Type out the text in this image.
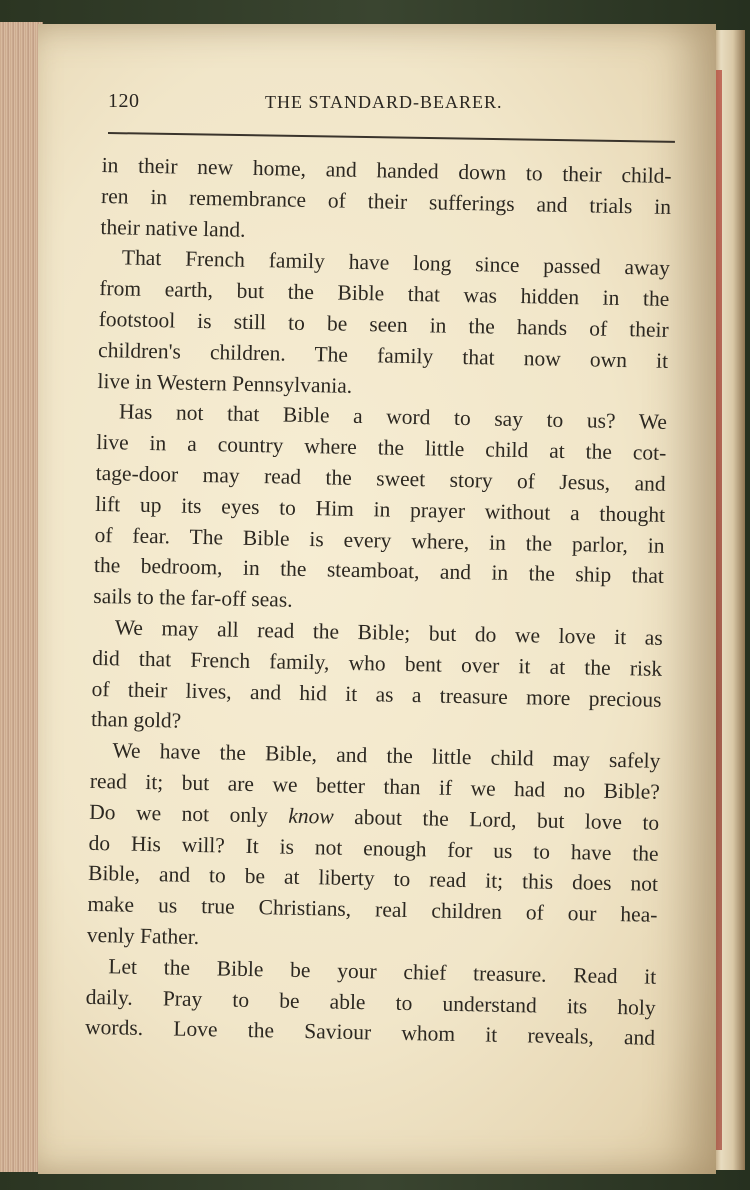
120	THE STANDARD-BEARER.
in their new home, and handed down to their child-
ren in remembrance of their sufferings and trials in
their native land.
That French family have long since passed away
from earth, but the Bible that was hidden in the
footstool is still to be seen in the hands of their
children's children. The family that now own it
live in Western Pennsylvania.
Has not that Bible a word to say to us? We
live in a country where the little child at the cot-
tage-door may read the sweet story of Jesus, and
lift up its eyes to Him in prayer without a thought
of fear. The Bible is every where, in the parlor, in
the bedroom, in the steamboat, and in the ship that
sails to the far-off seas.
We may all read the Bible; but do we love it as
did that French family, who bent over it at the risk
of their lives, and hid it as a treasure more precious
than gold?
We have the Bible, and the little child may safely
read it; but are we better than if we had no Bible?
Do we not only know about the Lord, but love to
do His will? It is not enough for us to have the
Bible, and to be at liberty to read it; this does not
make us true Christians, real children of our hea-
venly Father.
Let the Bible be your chief treasure. Read it
daily. Pray to be able to understand its holy
words. Love the Saviour whom it reveals, and
